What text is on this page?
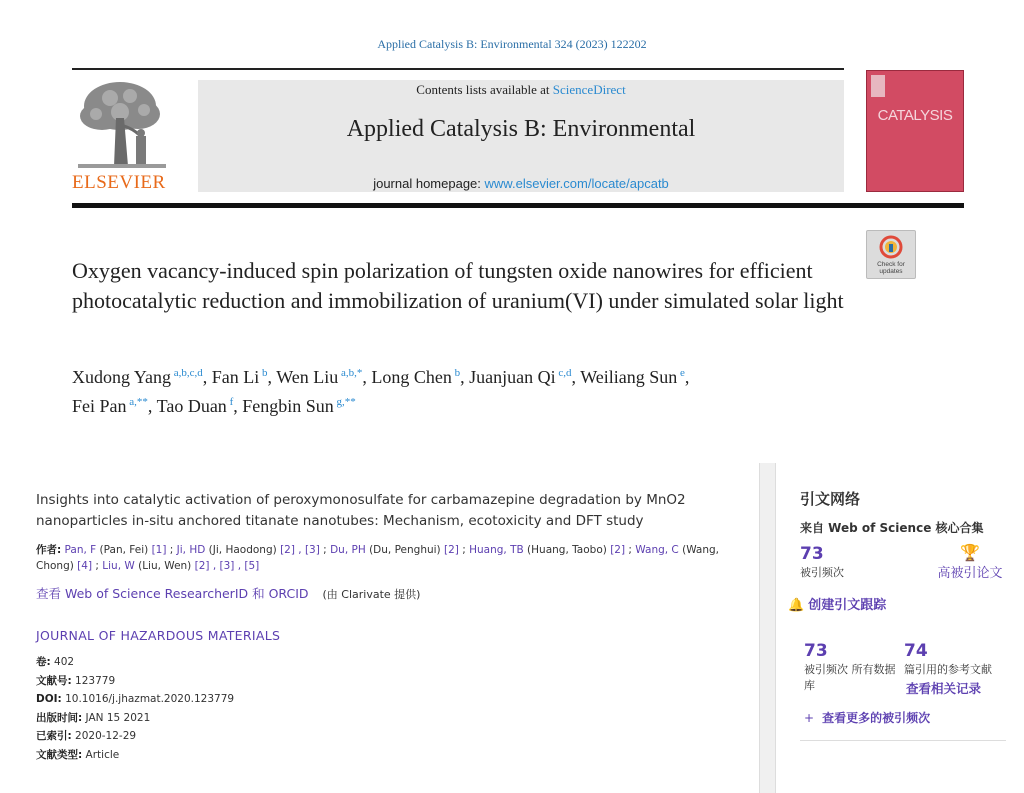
Applied Catalysis B: Environmental 324 (2023) 122202
ELSEVIER
Contents lists available at ScienceDirect
Applied Catalysis B: Environmental
journal homepage: www.elsevier.com/locate/apcatb
CATALYSIS
Check for updates
Oxygen vacancy-induced spin polarization of tungsten oxide nanowires for efficient photocatalytic reduction and immobilization of uranium(VI) under simulated solar light
Xudong Yang $^{a,b,c,d}$, Fan Li $^b$, Wen Liu $^{a,b,*}$, Long Chen $^b$, Juanjuan Qi $^{c,d}$, Weiliang Sun $^e$,
Fei Pan $^{a,**}$, Tao Duan $^f$, Fengbin Sun $^{g,**}$
Insights into catalytic activation of peroxymonosulfate for carbamazepine degradation by MnO2 nanoparticles in-situ anchored titanate nanotubes: Mechanism, ecotoxicity and DFT study
作者: Pan, F (Pan, Fei) [1] ; Ji, HD (Ji, Haodong) [2] , [3] ; Du, PH (Du, Penghui) [2] ; Huang, TB (Huang, Taobo) [2] ; Wang, C (Wang, Chong) [4] ; Liu, W (Liu, Wen) [2] , [3] , [5]
查看 Web of Science ResearcherID 和 ORCID (由 Clarivate 提供)
JOURNAL OF HAZARDOUS MATERIALS
卷: 402
文献号: 123779
DOI: 10.1016/j.jhazmat.2020.123779
出版时间: JAN 15 2021
已索引: 2020-12-29
文献类型: Article
引文网络
来自 Web of Science 核心合集
73
被引频次
🏆
高被引论文
🔔 创建引文跟踪
73
被引频次 所有数据库
74
篇引用的参考文献
查看相关记录
+ 查看更多的被引频次
